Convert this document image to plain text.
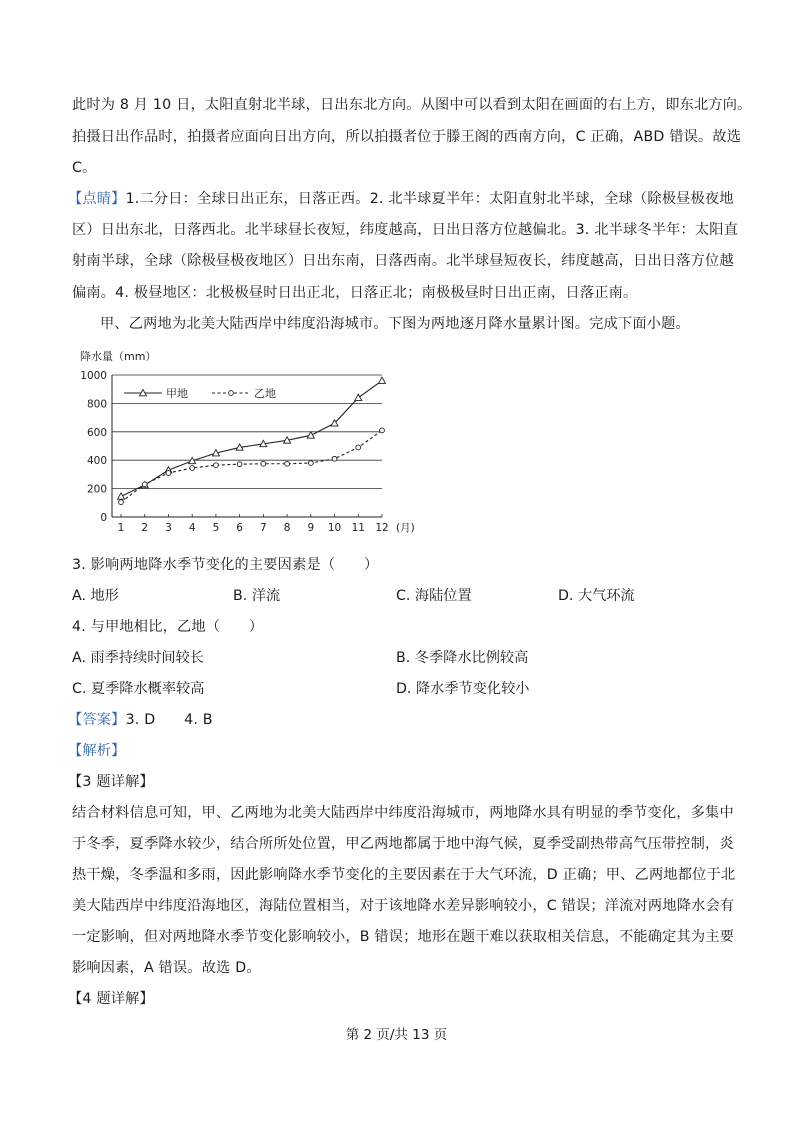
此时为 8 月 10 日，太阳直射北半球，日出东北方向。从图中可以看到太阳在画面的右上方，即东北方向。
拍摄日出作品时，拍摄者应面向日出方向，所以拍摄者位于滕王阁的西南方向，C 正确，ABD 错误。故选
C。
【点睛】1.二分日：全球日出正东，日落正西。2. 北半球夏半年：太阳直射北半球，全球（除极昼极夜地
区）日出东北，日落西北。北半球昼长夜短，纬度越高，日出日落方位越偏北。3. 北半球冬半年：太阳直
射南半球，全球（除极昼极夜地区）日出东南，日落西南。北半球昼短夜长，纬度越高，日出日落方位越
偏南。4. 极昼地区：北极极昼时日出正北，日落正北；南极极昼时日出正南，日落正南。
甲、乙两地为北美大陆西岸中纬度沿海城市。下图为两地逐月降水量累计图。完成下面小题。
降水量（mm）
0
200
400
600
800
1000
1 2 3 4 5 6 7 8 9 10 11 12 (月)
甲地	乙地
3. 影响两地降水季节变化的主要因素是（　　）
A. 地形	B. 洋流	C. 海陆位置	D. 大气环流
4. 与甲地相比，乙地（　　）
A. 雨季持续时间较长	B. 冬季降水比例较高
C. 夏季降水概率较高	D. 降水季节变化较小
【答案】3. D　　4. B
【解析】
【3 题详解】
结合材料信息可知，甲、乙两地为北美大陆西岸中纬度沿海城市，两地降水具有明显的季节变化，多集中
于冬季，夏季降水较少，结合所所处位置，甲乙两地都属于地中海气候，夏季受副热带高气压带控制，炎
热干燥，冬季温和多雨，因此影响降水季节变化的主要因素在于大气环流，D 正确；甲、乙两地都位于北
美大陆西岸中纬度沿海地区，海陆位置相当，对于该地降水差异影响较小，C 错误；洋流对两地降水会有
一定影响，但对两地降水季节变化影响较小，B 错误；地形在题干难以获取相关信息，不能确定其为主要
影响因素，A 错误。故选 D。
【4 题详解】
第 2 页/共 13 页
